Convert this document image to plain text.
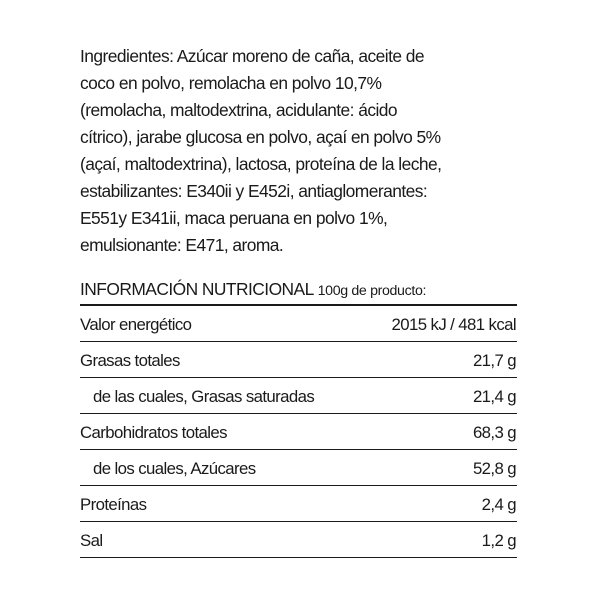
Ingredientes: Azúcar moreno de caña, aceite de
coco en polvo, remolacha en polvo 10,7%
(remolacha, maltodextrina, acidulante: ácido
cítrico), jarabe glucosa en polvo, açaí en polvo 5%
(açaí, maltodextrina), lactosa, proteína de la leche,
estabilizantes: E340ii y E452i, antiaglomerantes:
E551y E341ii, maca peruana en polvo 1%,
emulsionante: E471, aroma.
INFORMACIÓN NUTRICIONAL 100g de producto:
Valor energético	2015 kJ / 481 kcal
Grasas totales	21,7 g
de las cuales, Grasas saturadas	21,4 g
Carbohidratos totales	68,3 g
de los cuales, Azúcares	52,8 g
Proteínas	2,4 g
Sal	1,2 g
